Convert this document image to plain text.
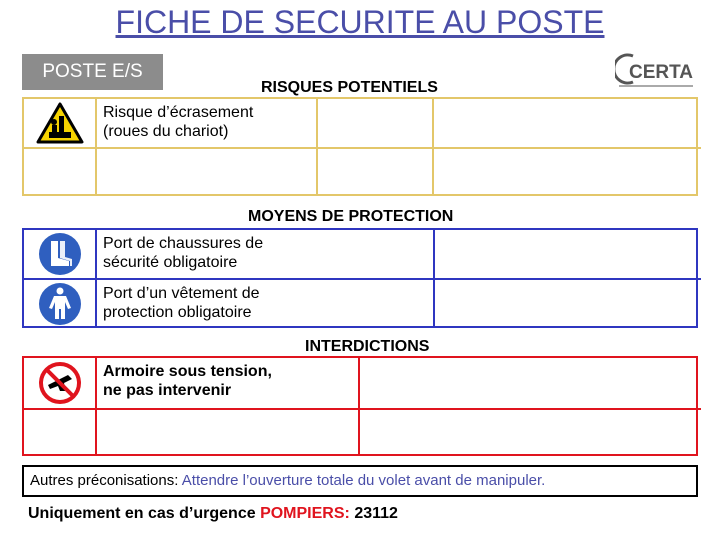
FICHE DE SECURITE AU POSTE
POSTE E/S	CERTA
RISQUES POTENTIELS
Risque d’écrasement
(roues du chariot)
MOYENS DE PROTECTION
Port de chaussures de
sécurité obligatoire
Port d’un vêtement de
protection obligatoire
INTERDICTIONS
Armoire sous tension,
ne pas intervenir
Autres préconisations: Attendre l’ouverture totale du volet avant de manipuler.
Uniquement en cas d’urgence POMPIERS: 23112
